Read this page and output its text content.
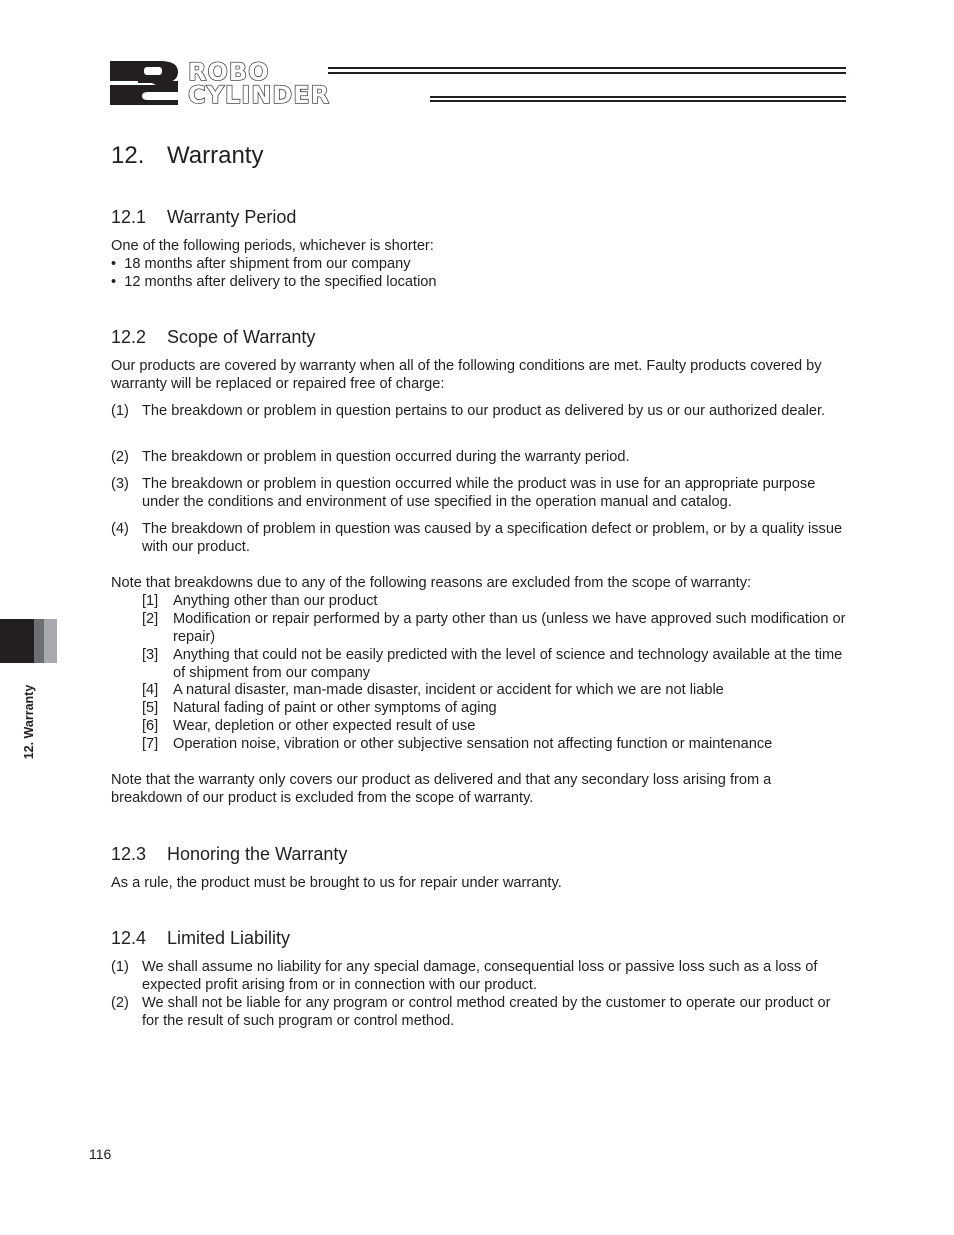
ROBO
CYLINDER
12. Warranty
12.1 Warranty Period
One of the following periods, whichever is shorter:
•  18 months after shipment from our company
•  12 months after delivery to the specified location
12.2 Scope of Warranty
Our products are covered by warranty when all of the following conditions are met. Faulty products covered by warranty will be replaced or repaired free of charge:
(1) The breakdown or problem in question pertains to our product as delivered by us or our authorized dealer.
(2) The breakdown or problem in question occurred during the warranty period.
(3) The breakdown or problem in question occurred while the product was in use for an appropriate purpose under the conditions and environment of use specified in the operation manual and catalog.
(4) The breakdown of problem in question was caused by a specification defect or problem, or by a quality issue with our product.
Note that breakdowns due to any of the following reasons are excluded from the scope of warranty:
[1] Anything other than our product
[2] Modification or repair performed by a party other than us (unless we have approved such modification or repair)
[3] Anything that could not be easily predicted with the level of science and technology available at the time of shipment from our company
[4] A natural disaster, man-made disaster, incident or accident for which we are not liable
[5] Natural fading of paint or other symptoms of aging
[6] Wear, depletion or other expected result of use
[7] Operation noise, vibration or other subjective sensation not affecting function or maintenance
Note that the warranty only covers our product as delivered and that any secondary loss arising from a breakdown of our product is excluded from the scope of warranty.
12.3 Honoring the Warranty
As a rule, the product must be brought to us for repair under warranty.
12.4 Limited Liability
(1) We shall assume no liability for any special damage, consequential loss or passive loss such as a loss of expected profit arising from or in connection with our product.
(2) We shall not be liable for any program or control method created by the customer to operate our product or for the result of such program or control method.
12. Warranty
116
